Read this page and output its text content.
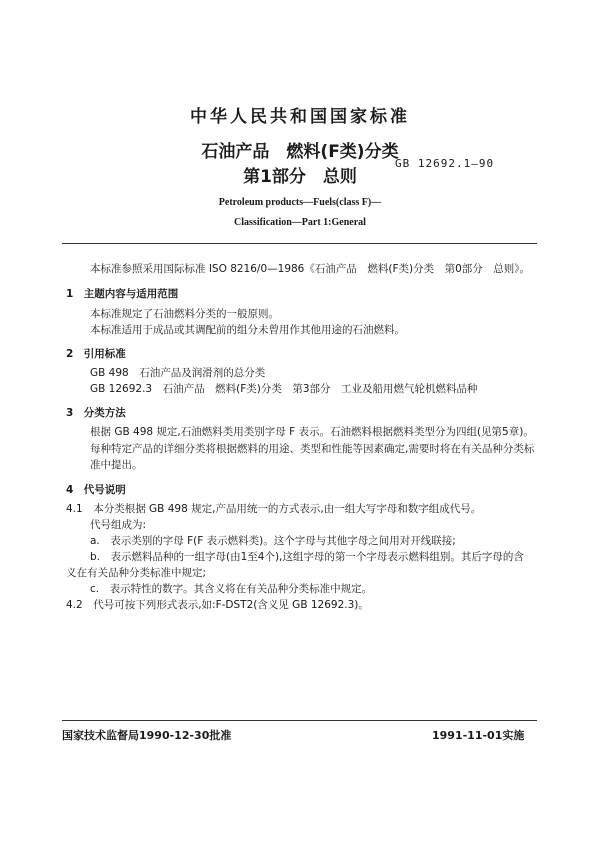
中华人民共和国国家标准
石油产品　燃料(F类)分类
第1部分　总则
GB 12692.1—90
Petroleum products—Fuels(class F)—
Classification—Part 1:General
本标准参照采用国际标准 ISO 8216/0—1986《石油产品　燃料(F类)分类　第0部分　总则》。
1　主题内容与适用范围
本标准规定了石油燃料分类的一般原则。
本标准适用于成品或其调配前的组分未曾用作其他用途的石油燃料。
2　引用标准
GB 498　石油产品及润滑剂的总分类
GB 12692.3　石油产品　燃料(F类)分类　第3部分　工业及船用燃气轮机燃料品种
3　分类方法
根据 GB 498 规定,石油燃料类用类别字母 F 表示。石油燃料根据燃料类型分为四组(见第5章)。
每种特定产品的详细分类将根据燃料的用途、类型和性能等因素确定,需要时将在有关品种分类标
准中提出。
4　代号说明
4.1　本分类根据 GB 498 规定,产品用统一的方式表示,由一组大写字母和数字组成代号。
代号组成为:
a.　表示类别的字母 F(F 表示燃料类)。这个字母与其他字母之间用对开线联接;
b.　表示燃料品种的一组字母(由1至4个),这组字母的第一个字母表示燃料组别。其后字母的含
义在有关品种分类标准中规定;
c.　表示特性的数字。其含义将在有关品种分类标准中规定。
4.2　代号可按下列形式表示,如:F-DST2(含义见 GB 12692.3)。
国家技术监督局1990-12-30批准	1991-11-01实施
